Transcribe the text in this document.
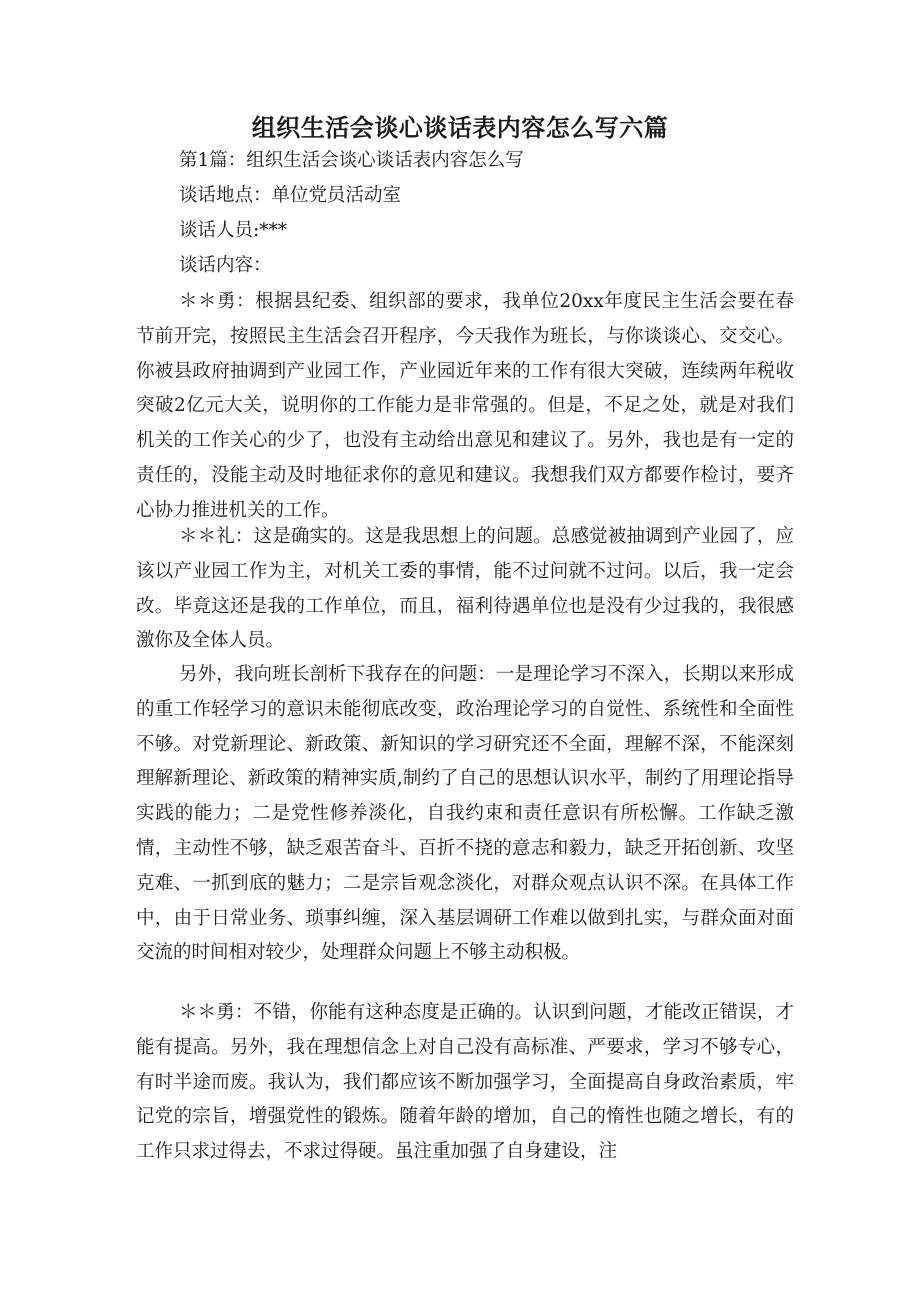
组织生活会谈心谈话表内容怎么写六篇

第1篇：组织生活会谈心谈话表内容怎么写

谈话地点：单位党员活动室

谈话人员:***

谈话内容：

＊＊勇：根据县纪委、组织部的要求，我单位20xx年度民主生活会要在春节前开完，按照民主生活会召开程序，今天我作为班长，与你谈谈心、交交心。你被县政府抽调到产业园工作，产业园近年来的工作有很大突破，连续两年税收突破2亿元大关，说明你的工作能力是非常强的。但是，不足之处，就是对我们机关的工作关心的少了，也没有主动给出意见和建议了。另外，我也是有一定的责任的，没能主动及时地征求你的意见和建议。我想我们双方都要作检讨，要齐心协力推进机关的工作。

＊＊礼：这是确实的。这是我思想上的问题。总感觉被抽调到产业园了，应该以产业园工作为主，对机关工委的事情，能不过问就不过问。以后，我一定会改。毕竟这还是我的工作单位，而且，福利待遇单位也是没有少过我的，我很感激你及全体人员。

另外，我向班长剖析下我存在的问题：一是理论学习不深入，长期以来形成的重工作轻学习的意识未能彻底改变，政治理论学习的自觉性、系统性和全面性不够。对党新理论、新政策、新知识的学习研究还不全面，理解不深，不能深刻理解新理论、新政策的精神实质,制约了自己的思想认识水平，制约了用理论指导实践的能力；二是党性修养淡化，自我约束和责任意识有所松懈。工作缺乏激情，主动性不够，缺乏艰苦奋斗、百折不挠的意志和毅力，缺乏开拓创新、攻坚克难、一抓到底的魅力；二是宗旨观念淡化，对群众观点认识不深。在具体工作中，由于日常业务、琐事纠缠，深入基层调研工作难以做到扎实，与群众面对面交流的时间相对较少，处理群众问题上不够主动积极。

＊＊勇：不错，你能有这种态度是正确的。认识到问题，才能改正错误，才能有提高。另外，我在理想信念上对自己没有高标准、严要求，学习不够专心，有时半途而废。我认为，我们都应该不断加强学习，全面提高自身政治素质，牢记党的宗旨，增强党性的锻炼。随着年龄的增加，自己的惰性也随之增长，有的工作只求过得去，不求过得硬。虽注重加强了自身建设，注
